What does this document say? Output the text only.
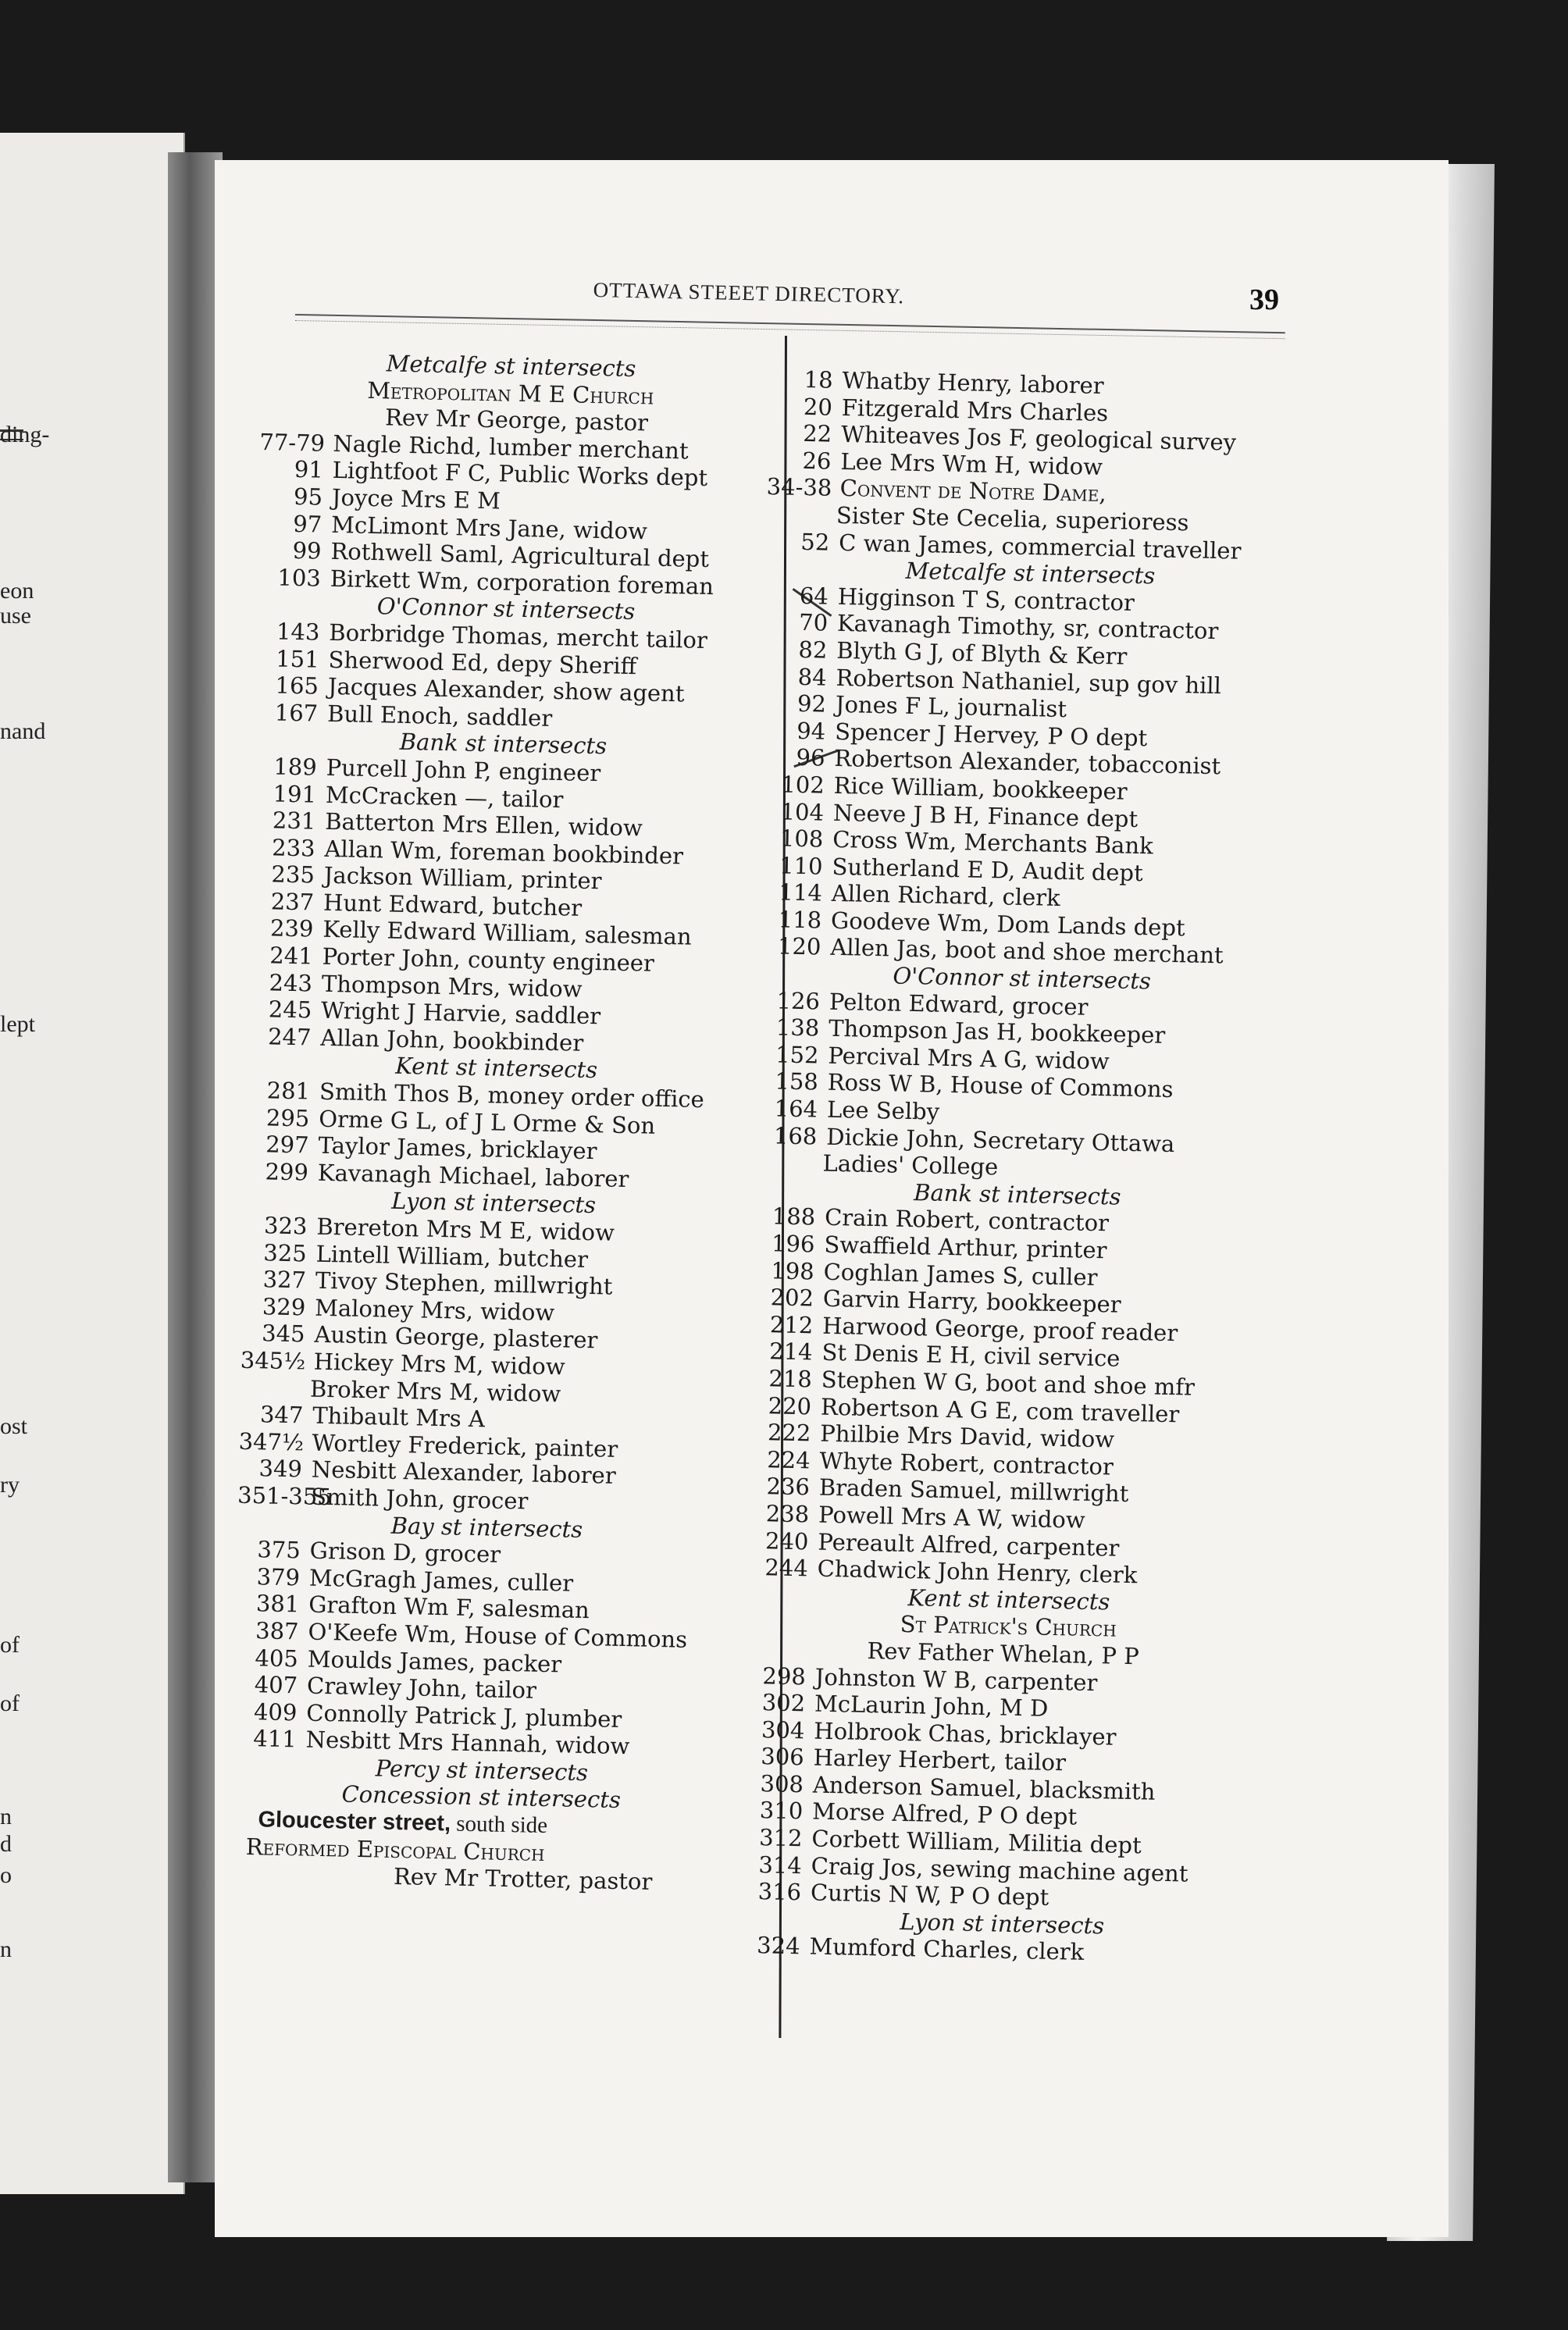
ding-
eon
use
nand
lept
ost
ry
of
of
n
d
o
n
OTTAWA STEEET DIRECTORY.	39
Metcalfe st intersects
Metropolitan M E Church
Rev Mr George, pastor
77-79 Nagle Richd, lumber merchant
91 Lightfoot F C, Public Works dept
95 Joyce Mrs E M
97 McLimont Mrs Jane, widow
99 Rothwell Saml, Agricultural dept
103 Birkett Wm, corporation foreman
O'Connor st intersects
143 Borbridge Thomas, mercht tailor
151 Sherwood Ed, depy Sheriff
165 Jacques Alexander, show agent
167 Bull Enoch, saddler
Bank st intersects
189 Purcell John P, engineer
191 McCracken —, tailor
231 Batterton Mrs Ellen, widow
233 Allan Wm, foreman bookbinder
235 Jackson William, printer
237 Hunt Edward, butcher
239 Kelly Edward William, salesman
241 Porter John, county engineer
243 Thompson Mrs, widow
245 Wright J Harvie, saddler
247 Allan John, bookbinder
Kent st intersects
281 Smith Thos B, money order office
295 Orme G L, of J L Orme & Son
297 Taylor James, bricklayer
299 Kavanagh Michael, laborer
Lyon st intersects
323 Brereton Mrs M E, widow
325 Lintell William, butcher
327 Tivoy Stephen, millwright
329 Maloney Mrs, widow
345 Austin George, plasterer
345½ Hickey Mrs M, widow
Broker Mrs M, widow
347 Thibault Mrs A
347½ Wortley Frederick, painter
349 Nesbitt Alexander, laborer
351-355Smith John, grocer
Bay st intersects
375 Grison D, grocer
379 McGragh James, culler
381 Grafton Wm F, salesman
387 O'Keefe Wm, House of Commons
405 Moulds James, packer
407 Crawley John, tailor
409 Connolly Patrick J, plumber
411 Nesbitt Mrs Hannah, widow
Percy st intersects
Concession st intersects
Gloucester street, south side
Reformed Episcopal Church
Rev Mr Trotter, pastor
18 Whatby Henry, laborer
20 Fitzgerald Mrs Charles
22 Whiteaves Jos F, geological survey
26 Lee Mrs Wm H, widow
34-38 Convent de Notre Dame,
Sister Ste Cecelia, superioress
52 C wan James, commercial traveller
Metcalfe st intersects
64 Higginson T S, contractor
70 Kavanagh Timothy, sr, contractor
82 Blyth G J, of Blyth & Kerr
84 Robertson Nathaniel, sup gov hill
92 Jones F L, journalist
94 Spencer J Hervey, P O dept
96 Robertson Alexander, tobacconist
102 Rice William, bookkeeper
104 Neeve J B H, Finance dept
108 Cross Wm, Merchants Bank
110 Sutherland E D, Audit dept
114 Allen Richard, clerk
118 Goodeve Wm, Dom Lands dept
120 Allen Jas, boot and shoe merchant
O'Connor st intersects
126 Pelton Edward, grocer
138 Thompson Jas H, bookkeeper
152 Percival Mrs A G, widow
158 Ross W B, House of Commons
164 Lee Selby
168 Dickie John, Secretary Ottawa
Ladies' College
Bank st intersects
188 Crain Robert, contractor
196 Swaffield Arthur, printer
198 Coghlan James S, culler
202 Garvin Harry, bookkeeper
212 Harwood George, proof reader
214 St Denis E H, civil service
218 Stephen W G, boot and shoe mfr
220 Robertson A G E, com traveller
222 Philbie Mrs David, widow
224 Whyte Robert, contractor
236 Braden Samuel, millwright
238 Powell Mrs A W, widow
240 Pereault Alfred, carpenter
244 Chadwick John Henry, clerk
Kent st intersects
St Patrick's Church
Rev Father Whelan, P P
298 Johnston W B, carpenter
302 McLaurin John, M D
304 Holbrook Chas, bricklayer
306 Harley Herbert, tailor
308 Anderson Samuel, blacksmith
310 Morse Alfred, P O dept
312 Corbett William, Militia dept
314 Craig Jos, sewing machine agent
316 Curtis N W, P O dept
Lyon st intersects
324 Mumford Charles, clerk
